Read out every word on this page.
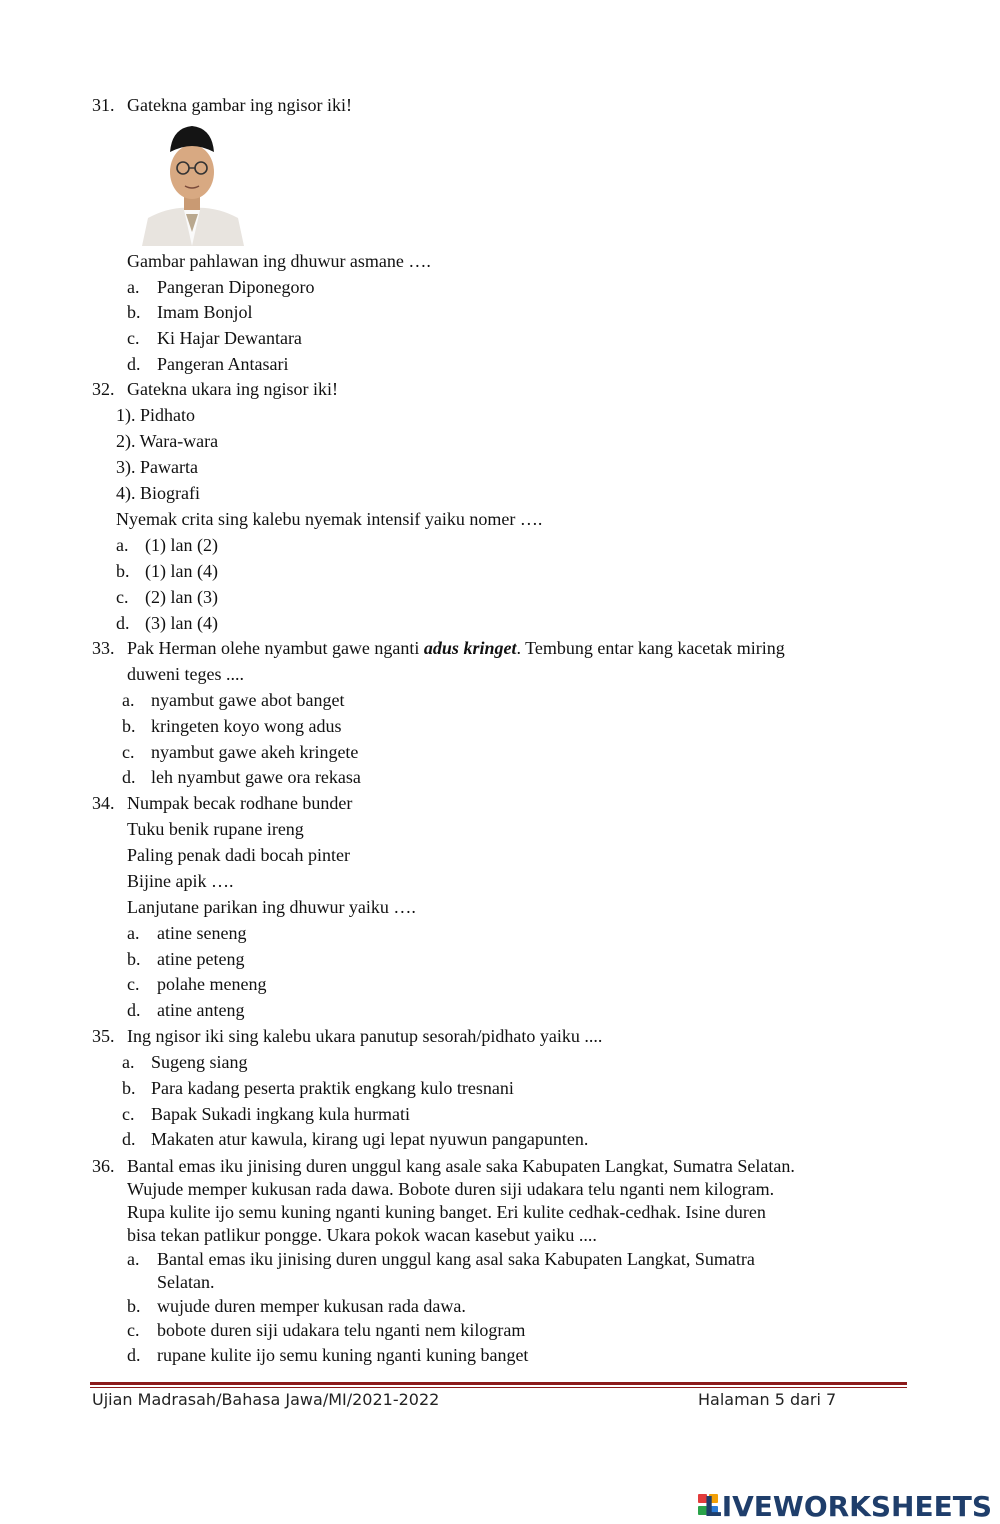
31. Gatekna gambar ing ngisor iki!
Gambar pahlawan ing dhuwur asmane ….
a. Pangeran Diponegoro
b. Imam Bonjol
c. Ki Hajar Dewantara
d. Pangeran Antasari
32. Gatekna ukara ing ngisor iki!
1). Pidhato
2). Wara-wara
3). Pawarta
4). Biografi
Nyemak crita sing kalebu nyemak intensif yaiku nomer ….
a. (1) lan (2)
b. (1) lan (4)
c. (2) lan (3)
d. (3) lan (4)
33. Pak Herman olehe nyambut gawe nganti adus kringet. Tembung entar kang kacetak miring
duweni teges ....
a. nyambut gawe abot banget
b. kringeten koyo wong adus
c. nyambut gawe akeh kringete
d. leh nyambut gawe ora rekasa
34. Numpak becak rodhane bunder
Tuku benik rupane ireng
Paling penak dadi bocah pinter
Bijine apik ….
Lanjutane parikan ing dhuwur yaiku ….
a. atine seneng
b. atine peteng
c. polahe meneng
d. atine anteng
35. Ing ngisor iki sing kalebu ukara panutup sesorah/pidhato yaiku ....
a. Sugeng siang
b. Para kadang peserta praktik engkang kulo tresnani
c. Bapak Sukadi ingkang kula hurmati
d. Makaten atur kawula, kirang ugi lepat nyuwun pangapunten.
36. Bantal emas iku jinising duren unggul kang asale saka Kabupaten Langkat, Sumatra Selatan.
Wujude memper kukusan rada dawa. Bobote duren siji udakara telu nganti nem kilogram.
Rupa kulite ijo semu kuning nganti kuning banget. Eri kulite cedhak-cedhak. Isine duren
bisa tekan patlikur pongge. Ukara pokok wacan kasebut yaiku ....
a. Bantal emas iku jinising duren unggul kang asal saka Kabupaten Langkat, Sumatra
Selatan.
b. wujude duren memper kukusan rada dawa.
c. bobote duren siji udakara telu nganti nem kilogram
d. rupane kulite ijo semu kuning nganti kuning banget
Ujian Madrasah/Bahasa Jawa/MI/2021-2022	Halaman 5 dari 7
LIVEWORKSHEETS
